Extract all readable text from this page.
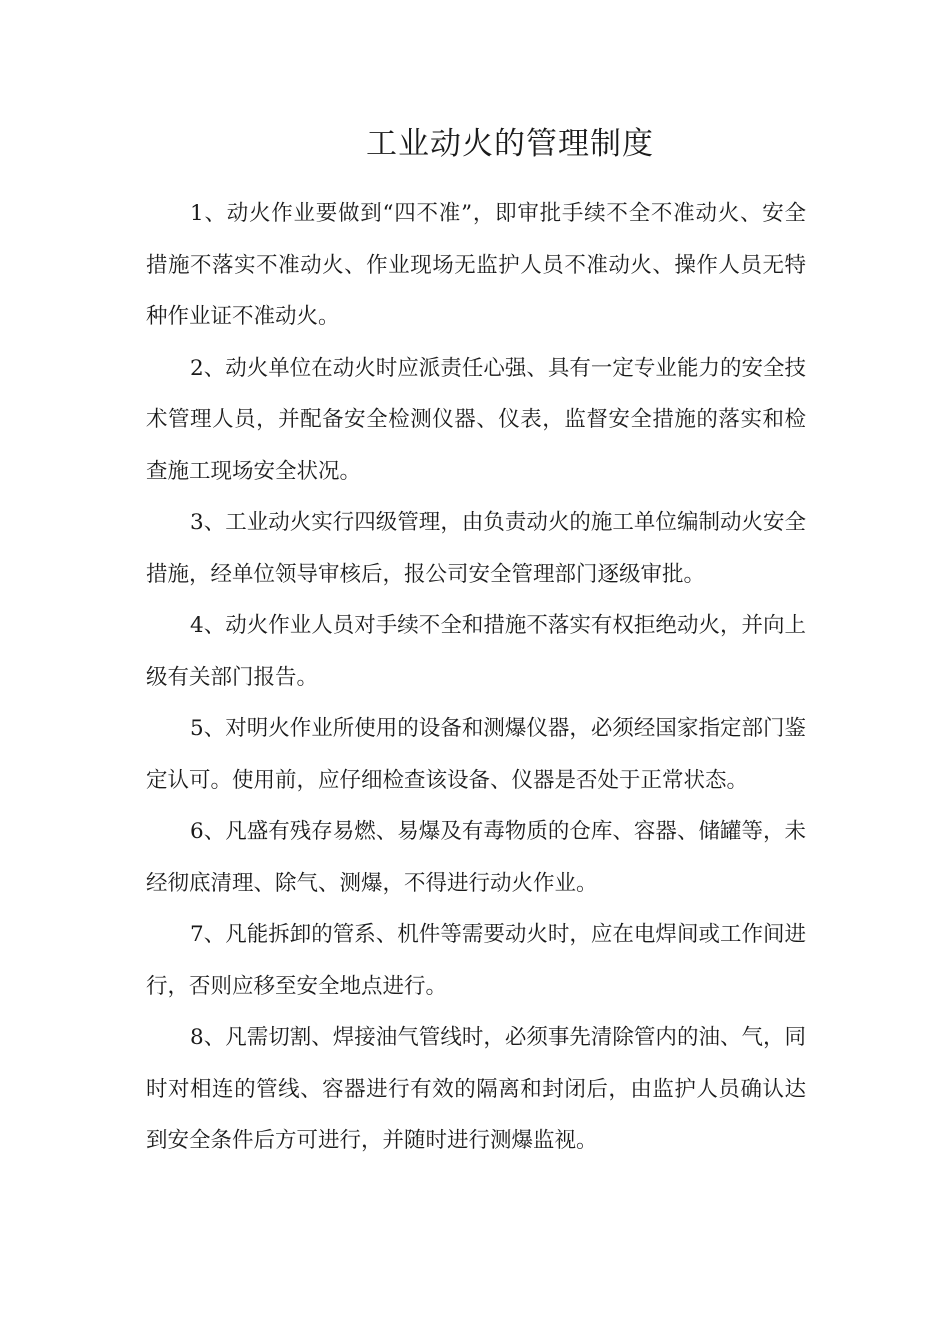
工业动火的管理制度

1、动火作业要做到“四不准”，即审批手续不全不准动火、安全措施不落实不准动火、作业现场无监护人员不准动火、操作人员无特种作业证不准动火。

2、动火单位在动火时应派责任心强、具有一定专业能力的安全技术管理人员，并配备安全检测仪器、仪表，监督安全措施的落实和检查施工现场安全状况。

3、工业动火实行四级管理，由负责动火的施工单位编制动火安全措施，经单位领导审核后，报公司安全管理部门逐级审批。

4、动火作业人员对手续不全和措施不落实有权拒绝动火，并向上级有关部门报告。

5、对明火作业所使用的设备和测爆仪器，必须经国家指定部门鉴定认可。使用前，应仔细检查该设备、仪器是否处于正常状态。

6、凡盛有残存易燃、易爆及有毒物质的仓库、容器、储罐等，未经彻底清理、除气、测爆，不得进行动火作业。

7、凡能拆卸的管系、机件等需要动火时，应在电焊间或工作间进行，否则应移至安全地点进行。

8、凡需切割、焊接油气管线时，必须事先清除管内的油、气，同时对相连的管线、容器进行有效的隔离和封闭后，由监护人员确认达到安全条件后方可进行，并随时进行测爆监视。
